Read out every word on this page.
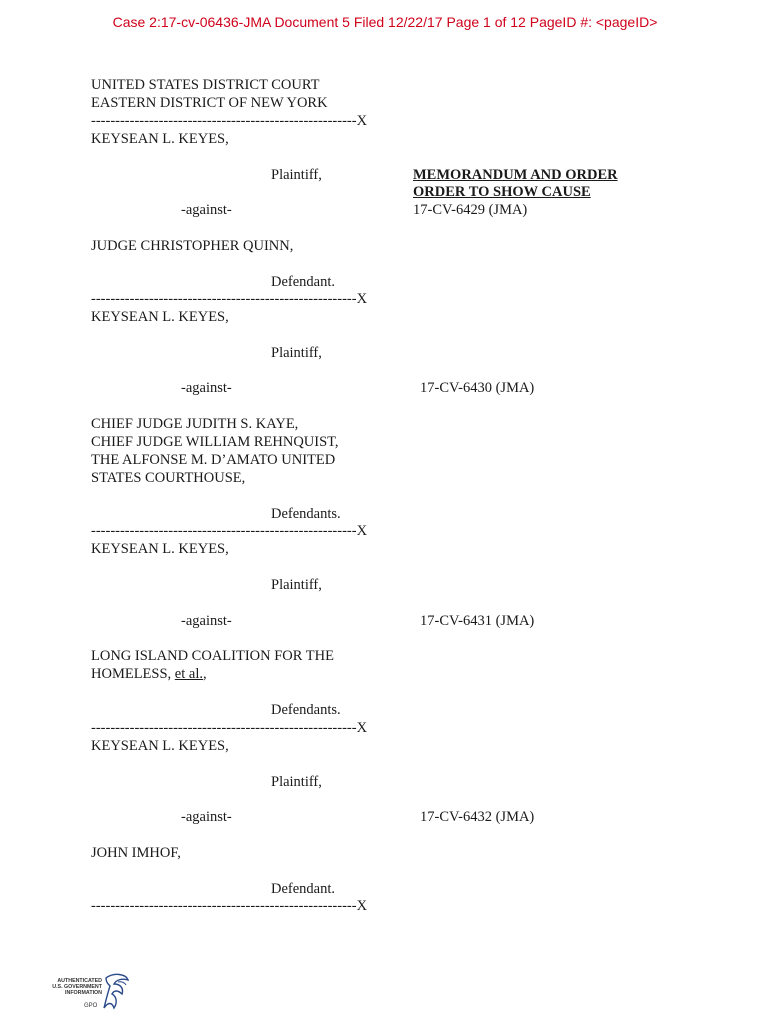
Case 2:17-cv-06436-JMA Document 5 Filed 12/22/17 Page 1 of 12 PageID #: <pageID>
UNITED STATES DISTRICT COURT
EASTERN DISTRICT OF NEW YORK
-------------------------------------------------------X
KEYSEAN L. KEYES,
Plaintiff,	MEMORANDUM AND ORDER
ORDER TO SHOW CAUSE
-against-	17-CV-6429 (JMA)
JUDGE CHRISTOPHER QUINN,
Defendant.
-------------------------------------------------------X
KEYSEAN L. KEYES,
Plaintiff,
-against-	17-CV-6430 (JMA)
CHIEF JUDGE JUDITH S. KAYE,
CHIEF JUDGE WILLIAM REHNQUIST,
THE ALFONSE M. D’AMATO UNITED
STATES COURTHOUSE,
Defendants.
-------------------------------------------------------X
KEYSEAN L. KEYES,
Plaintiff,
-against-	17-CV-6431 (JMA)
LONG ISLAND COALITION FOR THE
HOMELESS, et al.,
Defendants.
-------------------------------------------------------X
KEYSEAN L. KEYES,
Plaintiff,
-against-	17-CV-6432 (JMA)
JOHN IMHOF,
Defendant.
-------------------------------------------------------X
AUTHENTICATED
U.S. GOVERNMENT
INFORMATION
GPO
